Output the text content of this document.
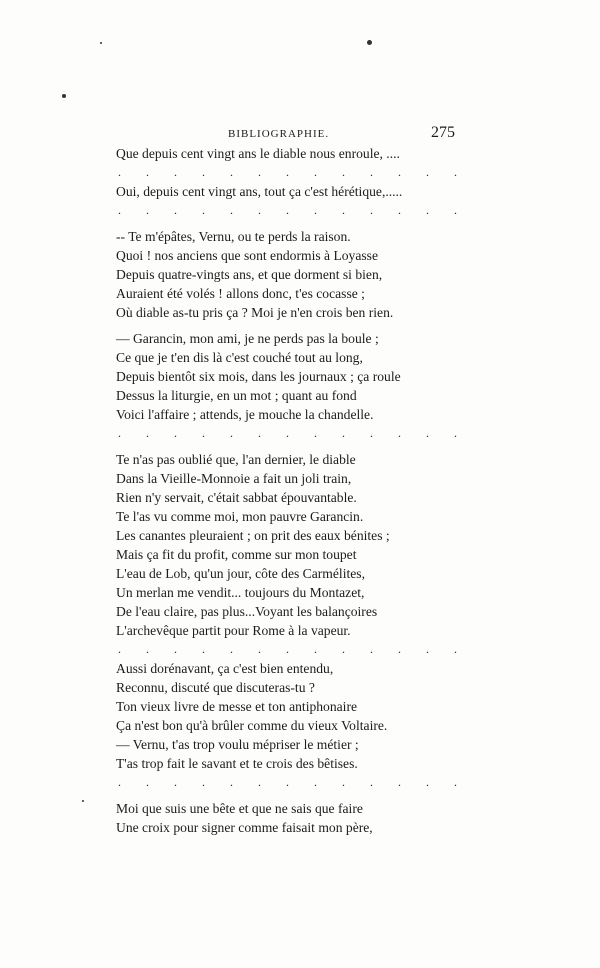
BIBLIOGRAPHIE.	275
Que depuis cent vingt ans le diable nous enroule, ....
. . . . . . . . . . . . .
Oui, depuis cent vingt ans, tout ça c'est hérétique,.....
. . . . . . . . . . . . .
-- Te m'épâtes, Vernu, ou te perds la raison.
Quoi ! nos anciens que sont endormis à Loyasse
Depuis quatre-vingts ans, et que dorment si bien,
Auraient été volés ! allons donc, t'es cocasse ;
Où diable as-tu pris ça ? Moi je n'en crois ben rien.
— Garancin, mon ami, je ne perds pas la boule ;
Ce que je t'en dis là c'est couché tout au long,
Depuis bientôt six mois, dans les journaux ; ça roule
Dessus la liturgie, en un mot ; quant au fond
Voici l'affaire ; attends, je mouche la chandelle.
. . . . . . . . . . . . .
Te n'as pas oublié que, l'an dernier, le diable
Dans la Vieille-Monnoie a fait un joli train,
Rien n'y servait, c'était sabbat épouvantable.
Te l'as vu comme moi, mon pauvre Garancin.
Les canantes pleuraient ; on prit des eaux bénites ;
Mais ça fit du profit, comme sur mon toupet
L'eau de Lob, qu'un jour, côte des Carmélites,
Un merlan me vendit... toujours du Montazet,
De l'eau claire, pas plus...Voyant les balançoires
L'archevêque partit pour Rome à la vapeur.
. . . . . . . . . . . . .
Aussi dorénavant, ça c'est bien entendu,
Reconnu, discuté que discuteras-tu ?
Ton vieux livre de messe et ton antiphonaire
Ça n'est bon qu'à brûler comme du vieux Voltaire.
— Vernu, t'as trop voulu mépriser le métier ;
T'as trop fait le savant et te crois des bêtises.
. . . . . . . . . . . . .
Moi que suis une bête et que ne sais que faire
Une croix pour signer comme faisait mon père,
